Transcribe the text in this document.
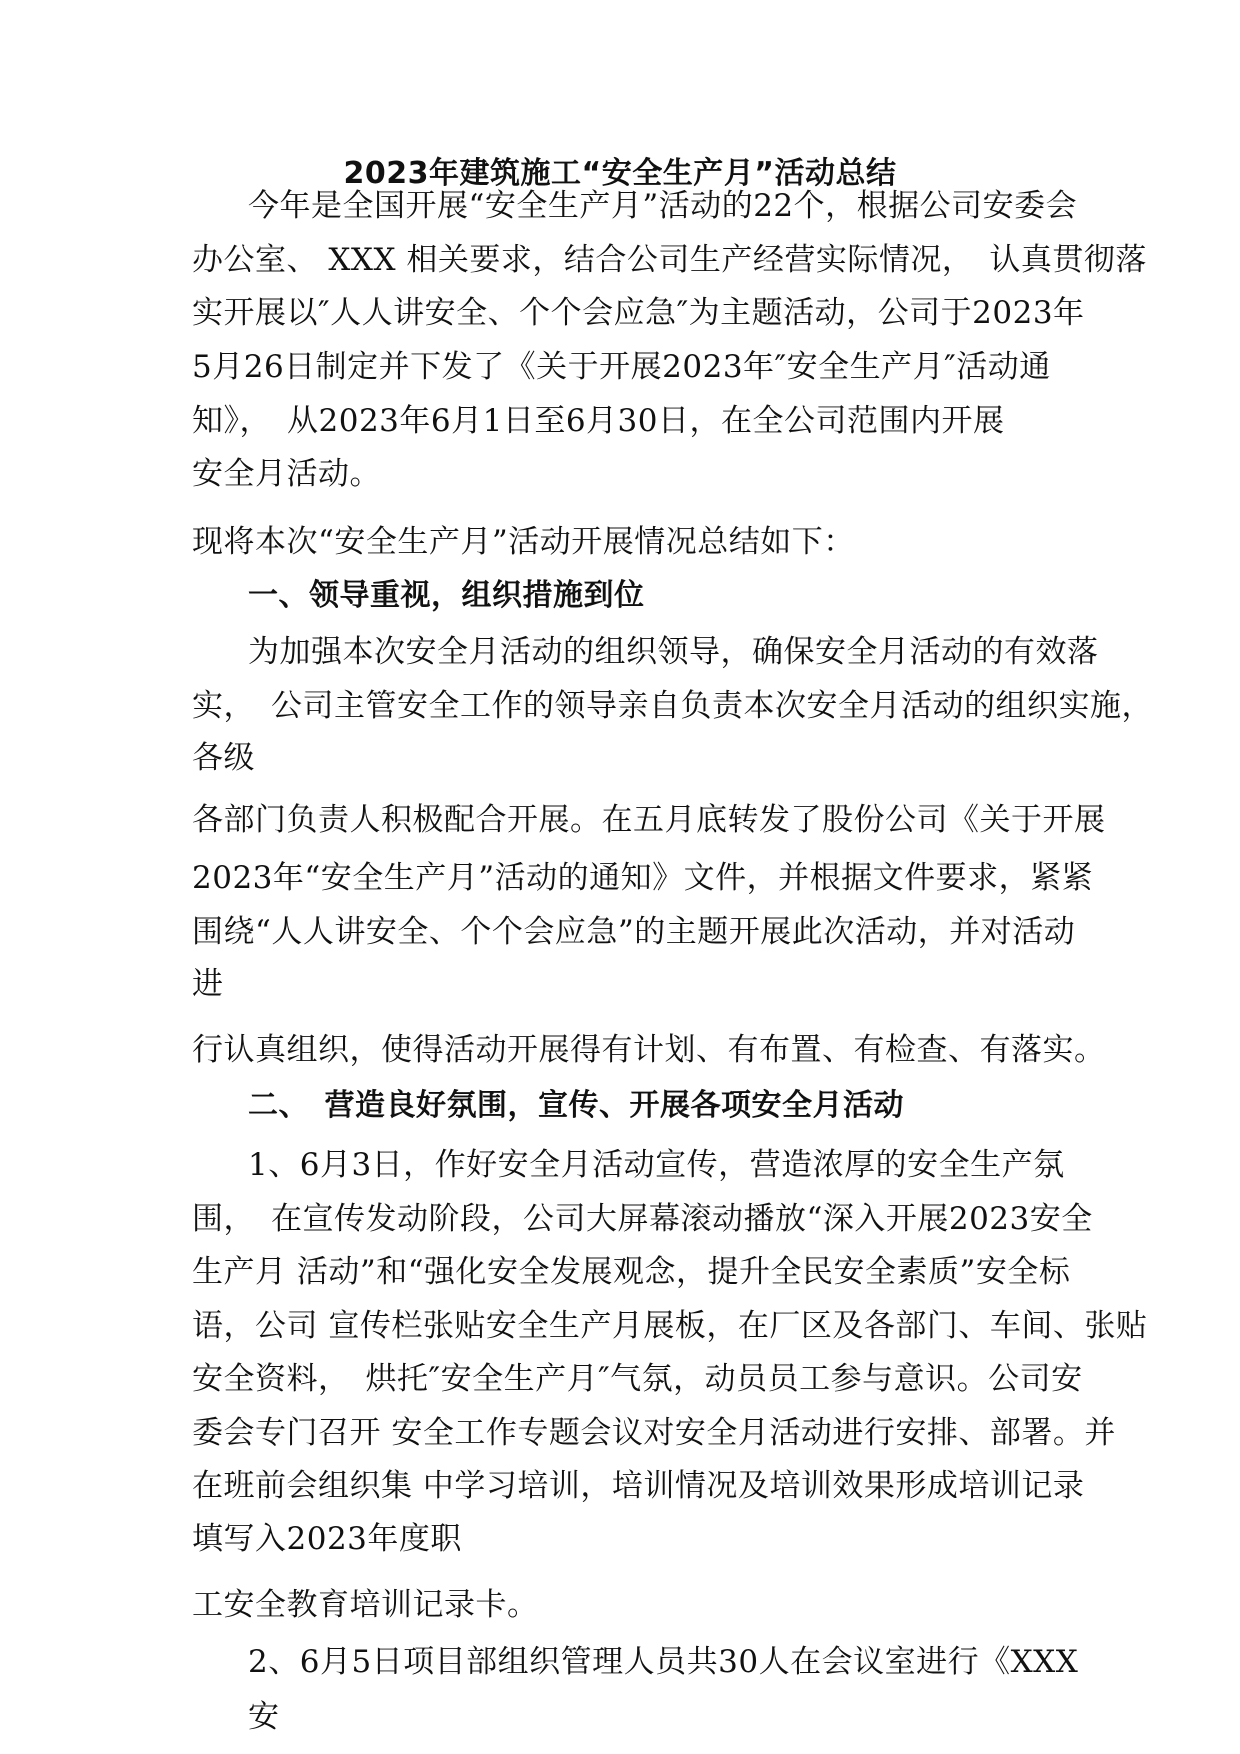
2023年建筑施工“安全生产月”活动总结
今年是全国开展“安全生产月”活动的22个，根据公司安委会
办公室、 XXX 相关要求，结合公司生产经营实际情况，　认真贯彻落
实开展以″人人讲安全、个个会应急″为主题活动，公司于2023年
5月26日制定并下发了《关于开展2023年″安全生产月″活动通
知》，　从2023年6月1日至6月30日，在全公司范围内开展
安全月活动。
现将本次“安全生产月”活动开展情况总结如下：
一、领导重视，组织措施到位
为加强本次安全月活动的组织领导，确保安全月活动的有效落
实，　公司主管安全工作的领导亲自负责本次安全月活动的组织实施，
各级
各部门负责人积极配合开展。在五月底转发了股份公司《关于开展
2023年“安全生产月”活动的通知》文件，并根据文件要求，紧紧
围绕“人人讲安全、个个会应急”的主题开展此次活动，并对活动
进
行认真组织，使得活动开展得有计划、有布置、有检查、有落实。
二、　营造良好氛围，宣传、开展各项安全月活动
1、6月3日，作好安全月活动宣传，营造浓厚的安全生产氛
围，　在宣传发动阶段，公司大屏幕滚动播放“深入开展2023安全
生产月 活动”和“强化安全发展观念，提升全民安全素质”安全标
语，公司 宣传栏张贴安全生产月展板，在厂区及各部门、车间、张贴
安全资料，　烘托″安全生产月″气氛，动员员工参与意识。公司安
委会专门召开 安全工作专题会议对安全月活动进行安排、部署。并
在班前会组织集 中学习培训，培训情况及培训效果形成培训记录
填写入2023年度职
工安全教育培训记录卡。
2、6月5日项目部组织管理人员共30人在会议室进行《XXX
安
